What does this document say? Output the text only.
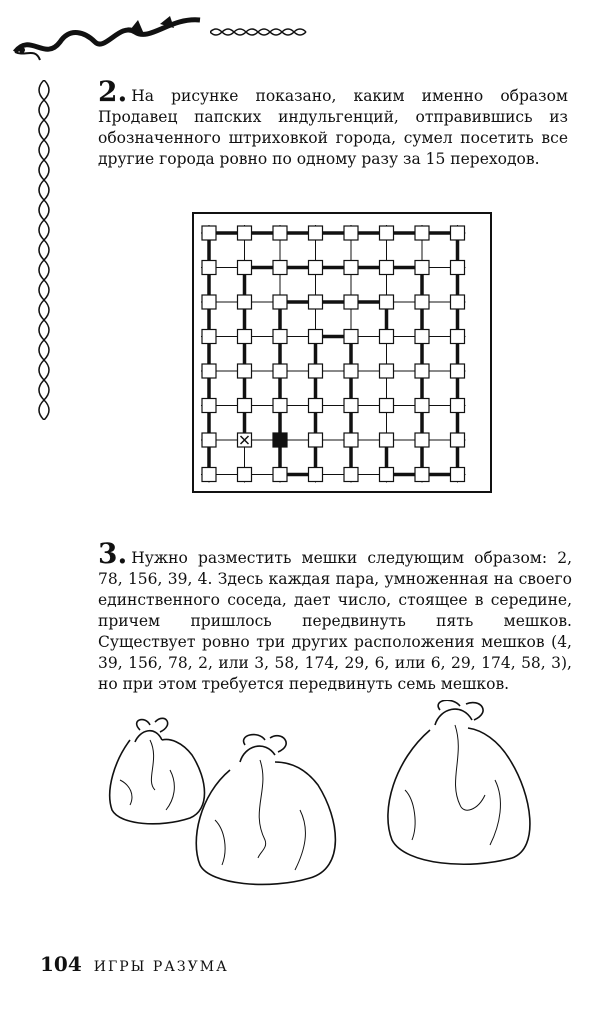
2. На рисунке показано, каким именно образом Продавец папских индульгенций, отправившись из обозначенного штриховкой города, сумел посетить все другие города ровно по одному разу за 15 переходов.

3. Нужно разместить мешки следующим образом: 2, 78, 156, 39, 4. Здесь каждая пара, умноженная на своего единственного соседа, дает число, стоящее в середине, причем пришлось передвинуть пять мешков. Существует ровно три других расположения мешков (4, 39, 156, 78, 2, или 3, 58, 174, 29, 6, или 6, 29, 174, 58, 3), но при этом требуется передвинуть семь мешков.

104 ИГРЫ РАЗУМА
